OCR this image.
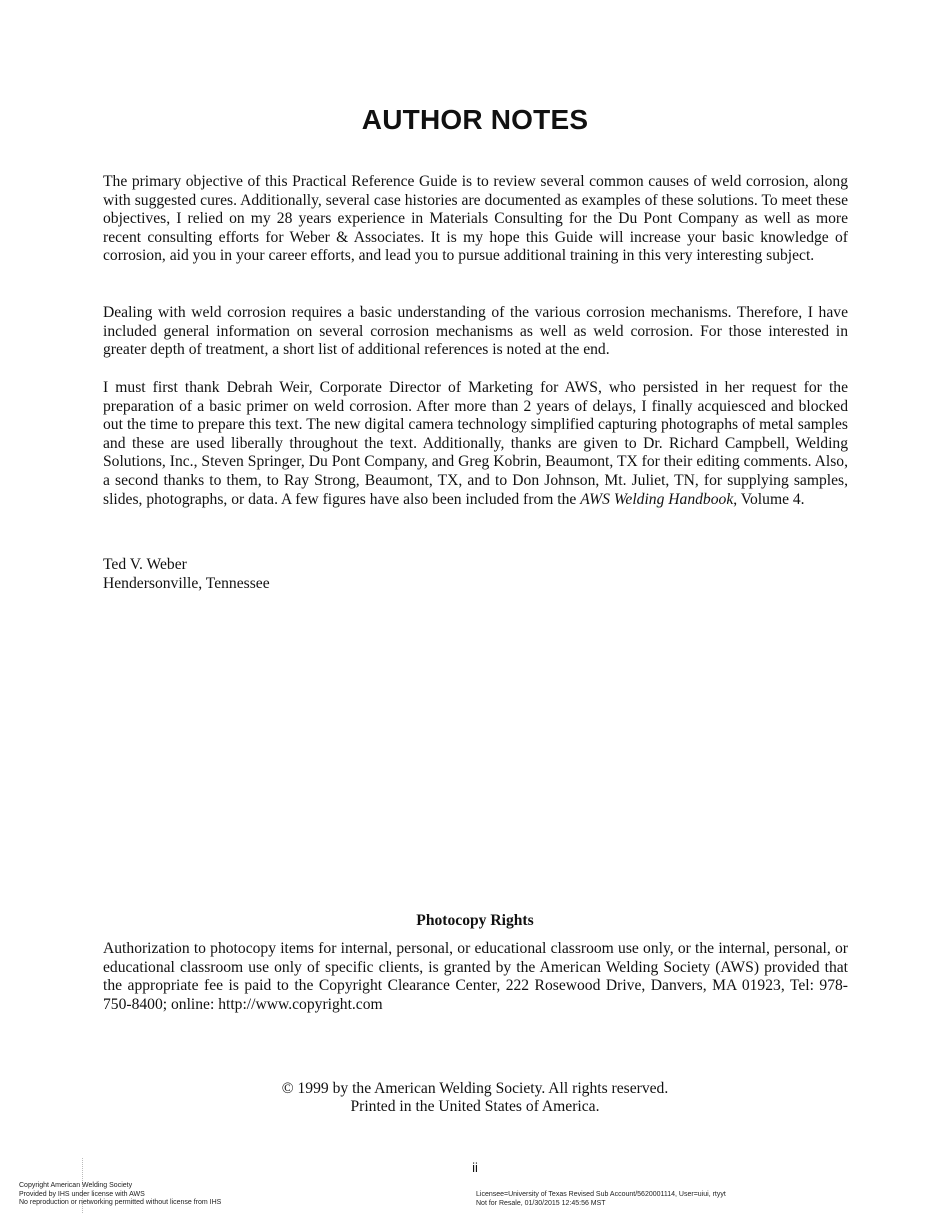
AUTHOR NOTES

The primary objective of this Practical Reference Guide is to review several common causes of weld corrosion, along with suggested cures. Additionally, several case histories are documented as examples of these solutions. To meet these objectives, I relied on my 28 years experience in Materials Consulting for the Du Pont Company as well as more recent consulting efforts for Weber & Associates. It is my hope this Guide will increase your basic knowledge of corrosion, aid you in your career efforts, and lead you to pursue additional training in this very interesting subject.

Dealing with weld corrosion requires a basic understanding of the various corrosion mechanisms. Therefore, I have included general information on several corrosion mechanisms as well as weld corrosion. For those interested in greater depth of treatment, a short list of additional references is noted at the end.

I must first thank Debrah Weir, Corporate Director of Marketing for AWS, who persisted in her request for the preparation of a basic primer on weld corrosion. After more than 2 years of delays, I finally acquiesced and blocked out the time to prepare this text. The new digital camera technology simplified capturing photographs of metal samples and these are used liberally throughout the text. Additionally, thanks are given to Dr. Richard Campbell, Welding Solutions, Inc., Steven Springer, Du Pont Company, and Greg Kobrin, Beaumont, TX for their editing comments. Also, a second thanks to them, to Ray Strong, Beaumont, TX, and to Don Johnson, Mt. Juliet, TN, for supplying samples, slides, photographs, or data. A few figures have also been included from the AWS Welding Handbook, Volume 4.

Ted V. Weber
Hendersonville, Tennessee
Photocopy Rights

Authorization to photocopy items for internal, personal, or educational classroom use only, or the internal, personal, or educational classroom use only of specific clients, is granted by the American Welding Society (AWS) provided that the appropriate fee is paid to the Copyright Clearance Center, 222 Rosewood Drive, Danvers, MA 01923, Tel: 978-750-8400; online: http://www.copyright.com

© 1999 by the American Welding Society. All rights reserved.
Printed in the United States of America.
ii
Copyright American Welding Society
Provided by IHS under license with AWS
No reproduction or networking permitted without license from IHS
Licensee=University of Texas Revised Sub Account/5620001114, User=uiui, rtyyt
Not for Resale, 01/30/2015 12:45:56 MST
